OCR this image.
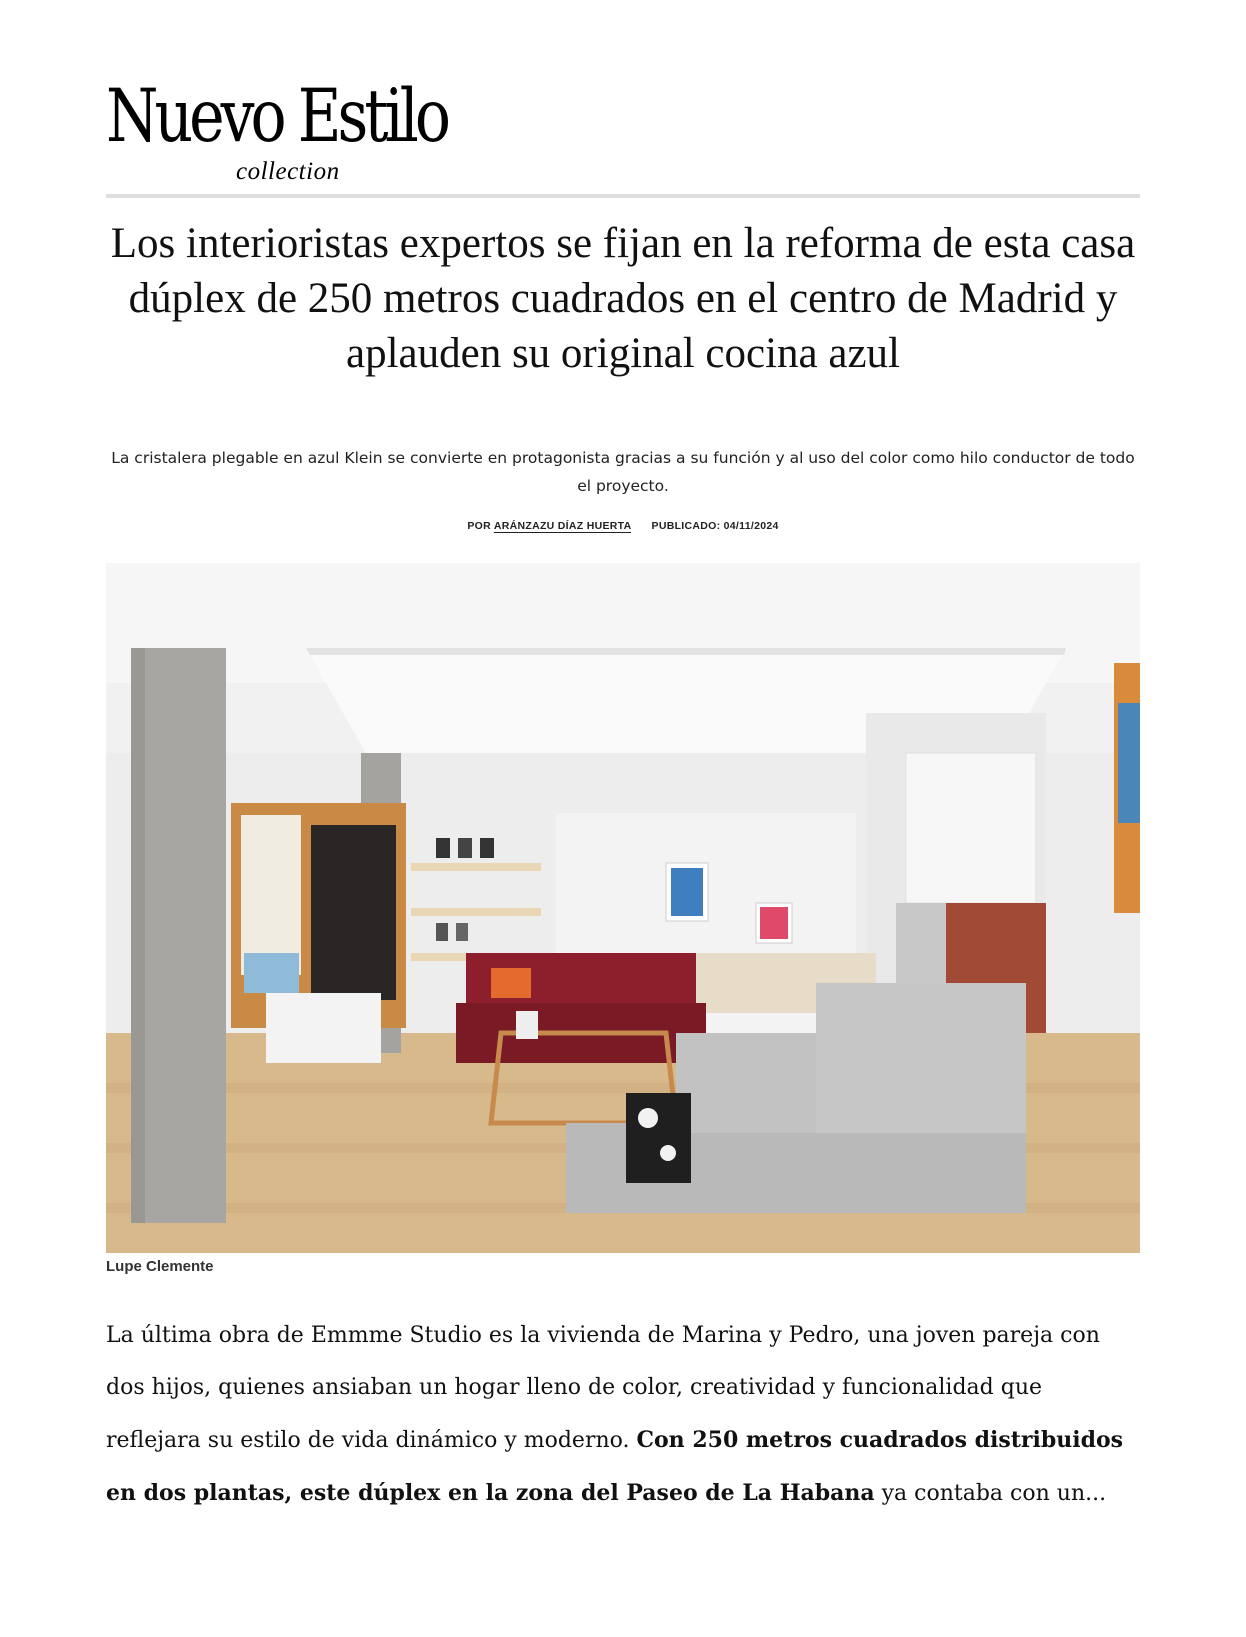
Nuevo Estilo
collection
Los interioristas expertos se fijan en la reforma de esta casa dúplex de 250 metros cuadrados en el centro de Madrid y aplauden su original cocina azul

La cristalera plegable en azul Klein se convierte en protagonista gracias a su función y al uso del color como hilo conductor de todo el proyecto.

POR ARÁNZAZU DÍAZ HUERTA PUBLICADO: 04/11/2024
Lupe Clemente

La última obra de Emmme Studio es la vivienda de Marina y Pedro, una joven pareja con dos hijos, quienes ansiaban un hogar lleno de color, creatividad y funcionalidad que reflejara su estilo de vida dinámico y moderno. Con 250 metros cuadrados distribuidos en dos plantas, este dúplex en la zona del Paseo de La Habana ya contaba con un...
